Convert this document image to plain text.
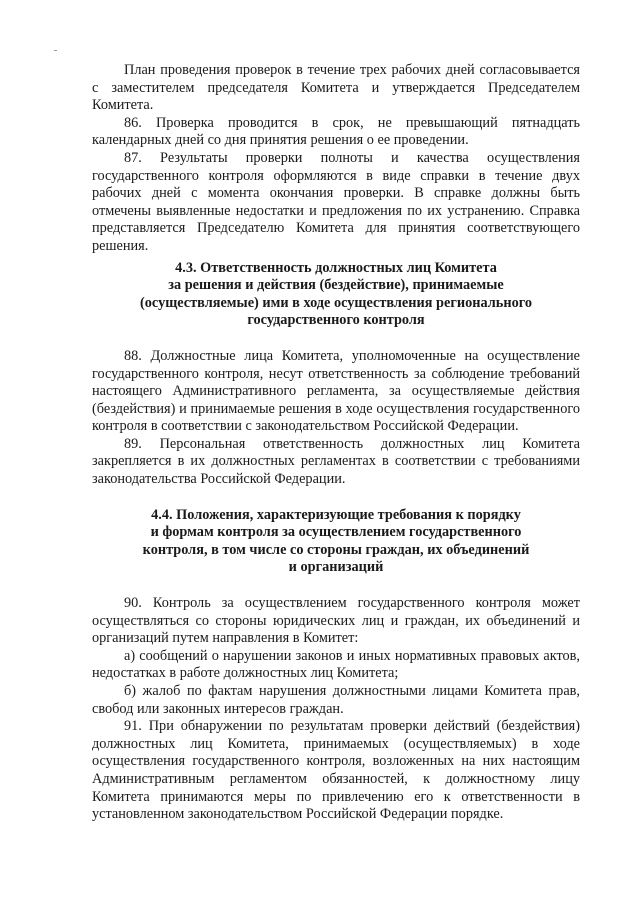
План проведения проверок в течение трех рабочих дней согласовывается с заместителем председателя Комитета и утверждается Председателем Комитета.

86. Проверка проводится в срок, не превышающий пятнадцать календарных дней со дня принятия решения о ее проведении.

87. Результаты проверки полноты и качества осуществления государственного контроля оформляются в виде справки в течение двух рабочих дней с момента окончания проверки. В справке должны быть отмечены выявленные недостатки и предложения по их устранению. Справка представляется Председателю Комитета для принятия соответствующего решения.

4.3. Ответственность должностных лиц Комитета
за решения и действия (бездействие), принимаемые
(осуществляемые) ими в ходе осуществления регионального
государственного контроля

88. Должностные лица Комитета, уполномоченные на осуществление государственного контроля, несут ответственность за соблюдение требований настоящего Административного регламента, за осуществляемые действия (бездействия) и принимаемые решения в ходе осуществления государственного контроля в соответствии с законодательством Российской Федерации.

89. Персональная ответственность должностных лиц Комитета закрепляется в их должностных регламентах в соответствии с требованиями законодательства Российской Федерации.

4.4. Положения, характеризующие требования к порядку
и формам контроля за осуществлением государственного
контроля, в том числе со стороны граждан, их объединений
и организаций

90. Контроль за осуществлением государственного контроля может осуществляться со стороны юридических лиц и граждан, их объединений и организаций путем направления в Комитет:

а) сообщений о нарушении законов и иных нормативных правовых актов, недостатках в работе должностных лиц Комитета;

б) жалоб по фактам нарушения должностными лицами Комитета прав, свобод или законных интересов граждан.

91. При обнаружении по результатам проверки действий (бездействия) должностных лиц Комитета, принимаемых (осуществляемых) в ходе осуществления государственного контроля, возложенных на них настоящим Административным регламентом обязанностей, к должностному лицу Комитета принимаются меры по привлечению его к ответственности в установленном законодательством Российской Федерации порядке.
